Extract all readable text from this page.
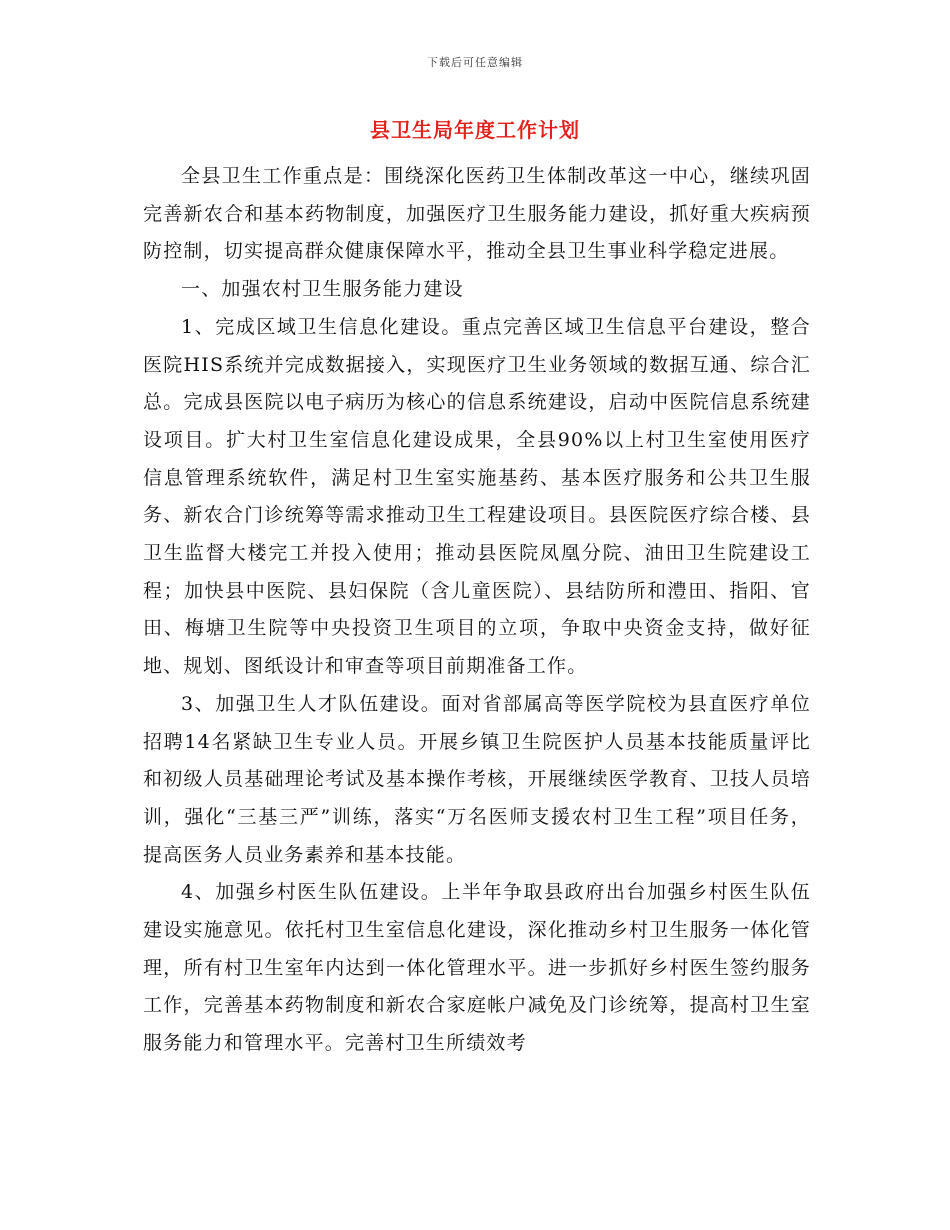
下载后可任意编辑
县卫生局年度工作计划

全县卫生工作重点是：围绕深化医药卫生体制改革这一中心，继续巩固完善新农合和基本药物制度，加强医疗卫生服务能力建设，抓好重大疾病预防控制，切实提高群众健康保障水平，推动全县卫生事业科学稳定进展。

一、加强农村卫生服务能力建设

1、完成区域卫生信息化建设。重点完善区域卫生信息平台建设，整合医院HIS系统并完成数据接入，实现医疗卫生业务领域的数据互通、综合汇总。完成县医院以电子病历为核心的信息系统建设，启动中医院信息系统建设项目。扩大村卫生室信息化建设成果，全县90%以上村卫生室使用医疗信息管理系统软件，满足村卫生室实施基药、基本医疗服务和公共卫生服务、新农合门诊统筹等需求推动卫生工程建设项目。县医院医疗综合楼、县卫生监督大楼完工并投入使用；推动县医院凤凰分院、油田卫生院建设工程；加快县中医院、县妇保院（含儿童医院）、县结防所和澧田、指阳、官田、梅塘卫生院等中央投资卫生项目的立项，争取中央资金支持，做好征地、规划、图纸设计和审查等项目前期准备工作。

3、加强卫生人才队伍建设。面对省部属高等医学院校为县直医疗单位招聘14名紧缺卫生专业人员。开展乡镇卫生院医护人员基本技能质量评比和初级人员基础理论考试及基本操作考核，开展继续医学教育、卫技人员培训，强化“三基三严”训练，落实“万名医师支援农村卫生工程”项目任务，提高医务人员业务素养和基本技能。

4、加强乡村医生队伍建设。上半年争取县政府出台加强乡村医生队伍建设实施意见。依托村卫生室信息化建设，深化推动乡村卫生服务一体化管理，所有村卫生室年内达到一体化管理水平。进一步抓好乡村医生签约服务工作，完善基本药物制度和新农合家庭帐户减免及门诊统筹，提高村卫生室服务能力和管理水平。完善村卫生所绩效考
